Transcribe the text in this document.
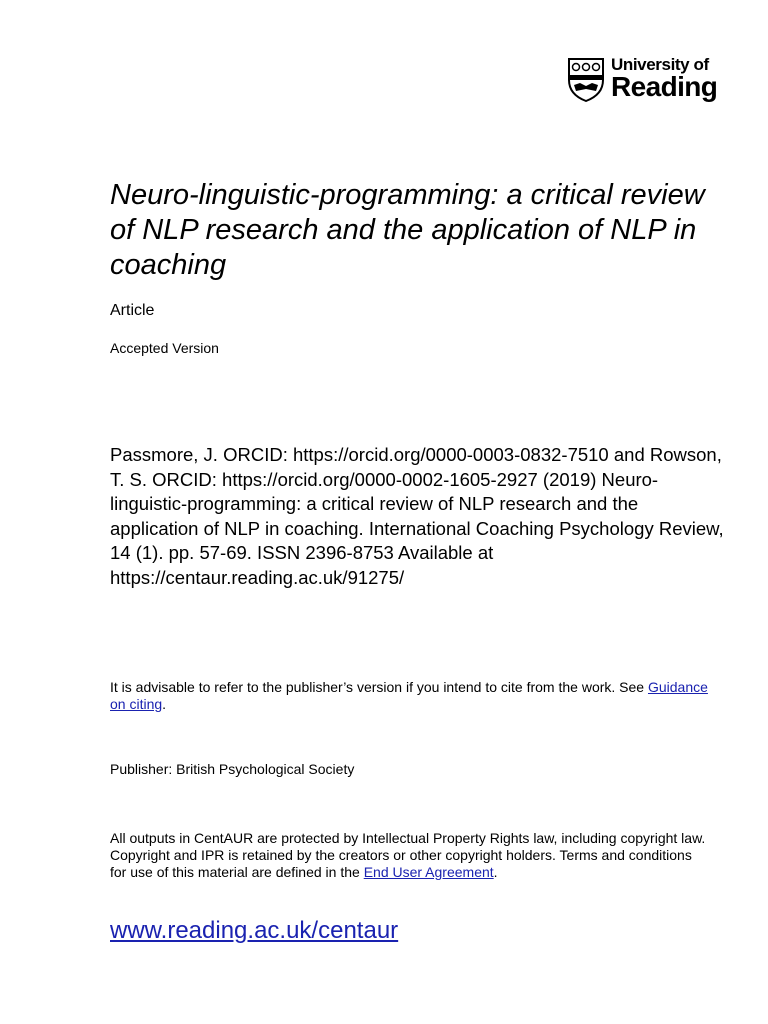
University of
Reading
Neuro-linguistic-programming: a critical review of NLP research and the application of NLP in coaching

Article

Accepted Version

Passmore, J. ORCID: https://orcid.org/0000-0003-0832-7510 and Rowson, T. S. ORCID: https://orcid.org/0000-0002-1605-2927 (2019) Neuro-linguistic-programming: a critical review of NLP research and the application of NLP in coaching. International Coaching Psychology Review, 14 (1). pp. 57-69. ISSN 2396-8753 Available at https://centaur.reading.ac.uk/91275/

It is advisable to refer to the publisher’s version if you intend to cite from the work. See Guidance on citing.

Publisher: British Psychological Society

All outputs in CentAUR are protected by Intellectual Property Rights law, including copyright law. Copyright and IPR is retained by the creators or other copyright holders. Terms and conditions for use of this material are defined in the End User Agreement.

www.reading.ac.uk/centaur
